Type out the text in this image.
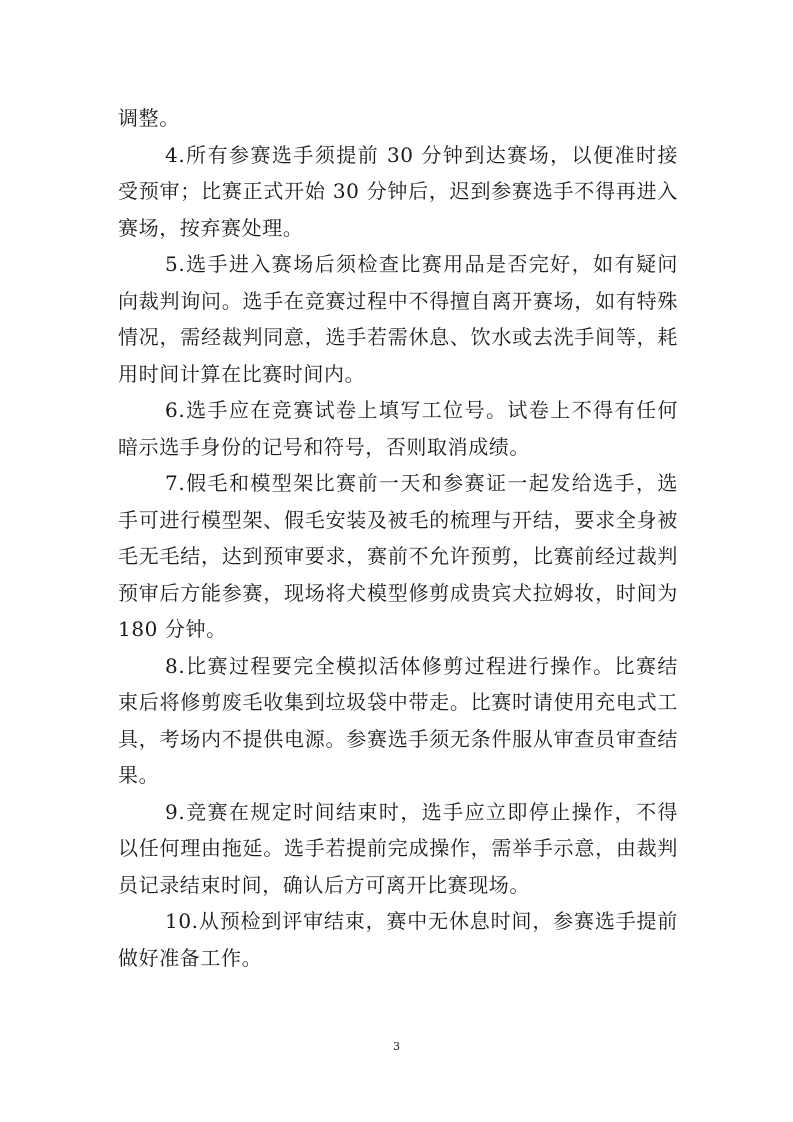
调整。

4.所有参赛选手须提前 30 分钟到达赛场，以便准时接受预审；比赛正式开始 30 分钟后，迟到参赛选手不得再进入赛场，按弃赛处理。

5.选手进入赛场后须检查比赛用品是否完好，如有疑问向裁判询问。选手在竞赛过程中不得擅自离开赛场，如有特殊情况，需经裁判同意，选手若需休息、饮水或去洗手间等，耗用时间计算在比赛时间内。

6.选手应在竞赛试卷上填写工位号。试卷上不得有任何暗示选手身份的记号和符号，否则取消成绩。

7.假毛和模型架比赛前一天和参赛证一起发给选手，选手可进行模型架、假毛安装及被毛的梳理与开结，要求全身被毛无毛结，达到预审要求，赛前不允许预剪，比赛前经过裁判预审后方能参赛，现场将犬模型修剪成贵宾犬拉姆妆，时间为 180 分钟。

8.比赛过程要完全模拟活体修剪过程进行操作。比赛结束后将修剪废毛收集到垃圾袋中带走。比赛时请使用充电式工具，考场内不提供电源。参赛选手须无条件服从审查员审查结果。

9.竞赛在规定时间结束时，选手应立即停止操作，不得以任何理由拖延。选手若提前完成操作，需举手示意，由裁判员记录结束时间，确认后方可离开比赛现场。

10.从预检到评审结束，赛中无休息时间，参赛选手提前做好准备工作。

3
